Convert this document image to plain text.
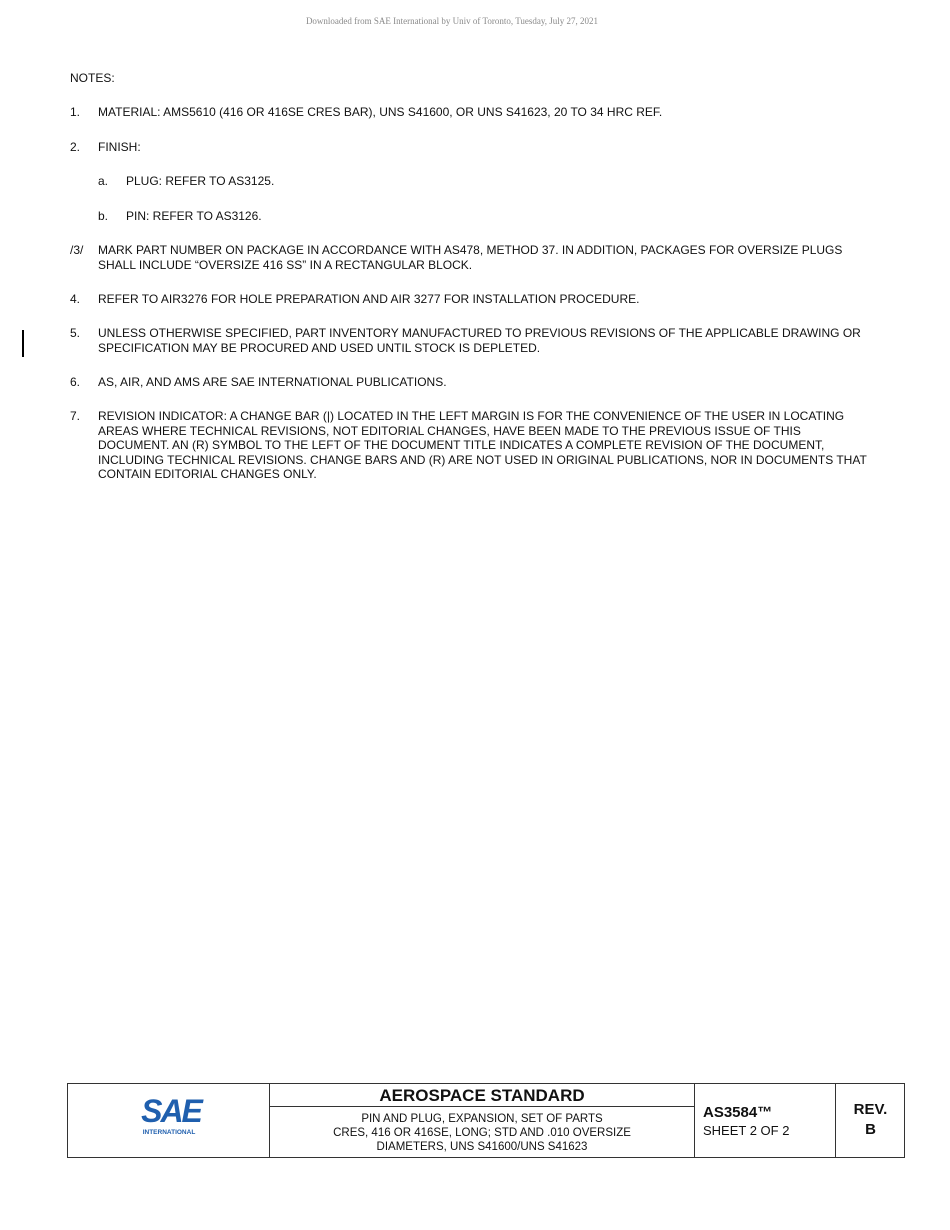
Downloaded from SAE International by Univ of Toronto, Tuesday, July 27, 2021
NOTES:
1. MATERIAL: AMS5610 (416 OR 416SE CRES BAR), UNS S41600, OR UNS S41623, 20 TO 34 HRC REF.
2. FINISH:
a. PLUG: REFER TO AS3125.
b. PIN: REFER TO AS3126.
/3/ MARK PART NUMBER ON PACKAGE IN ACCORDANCE WITH AS478, METHOD 37. IN ADDITION, PACKAGES FOR OVERSIZE PLUGS SHALL INCLUDE “OVERSIZE 416 SS” IN A RECTANGULAR BLOCK.
4. REFER TO AIR3276 FOR HOLE PREPARATION AND AIR 3277 FOR INSTALLATION PROCEDURE.
5. UNLESS OTHERWISE SPECIFIED, PART INVENTORY MANUFACTURED TO PREVIOUS REVISIONS OF THE APPLICABLE DRAWING OR SPECIFICATION MAY BE PROCURED AND USED UNTIL STOCK IS DEPLETED.
6. AS, AIR, AND AMS ARE SAE INTERNATIONAL PUBLICATIONS.
7. REVISION INDICATOR: A CHANGE BAR (|) LOCATED IN THE LEFT MARGIN IS FOR THE CONVENIENCE OF THE USER IN LOCATING AREAS WHERE TECHNICAL REVISIONS, NOT EDITORIAL CHANGES, HAVE BEEN MADE TO THE PREVIOUS ISSUE OF THIS DOCUMENT. AN (R) SYMBOL TO THE LEFT OF THE DOCUMENT TITLE INDICATES A COMPLETE REVISION OF THE DOCUMENT, INCLUDING TECHNICAL REVISIONS. CHANGE BARS AND (R) ARE NOT USED IN ORIGINAL PUBLICATIONS, NOR IN DOCUMENTS THAT CONTAIN EDITORIAL CHANGES ONLY.
SAE
INTERNATIONAL
AEROSPACE STANDARD
PIN AND PLUG, EXPANSION, SET OF PARTS
CRES, 416 OR 416SE, LONG; STD AND .010 OVERSIZE
DIAMETERS, UNS S41600/UNS S41623
AS3584™
SHEET 2 OF 2
REV.
B
